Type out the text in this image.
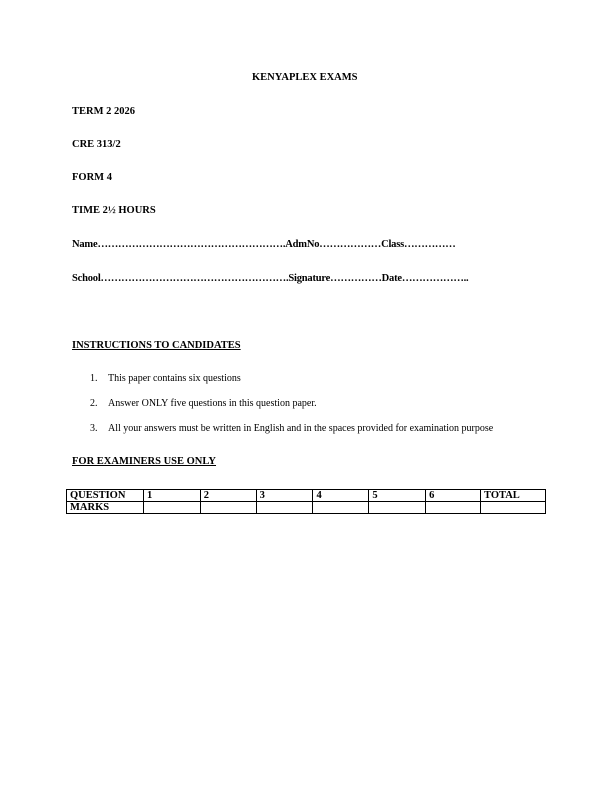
KENYAPLEX EXAMS
TERM 2 2026
CRE 313/2
FORM 4
TIME 2½ HOURS
Name……………………………………………….AdmNo………………Class……………
School……………………………………………….Signature……………Date………………..
INSTRUCTIONS TO CANDIDATES
1. This paper contains six questions
2. Answer ONLY five questions in this question paper.
3. All your answers must be written in English and in the spaces provided for examination purpose
FOR EXAMINERS USE ONLY
QUESTION	1	2	3	4	5	6	TOTAL
MARKS							
